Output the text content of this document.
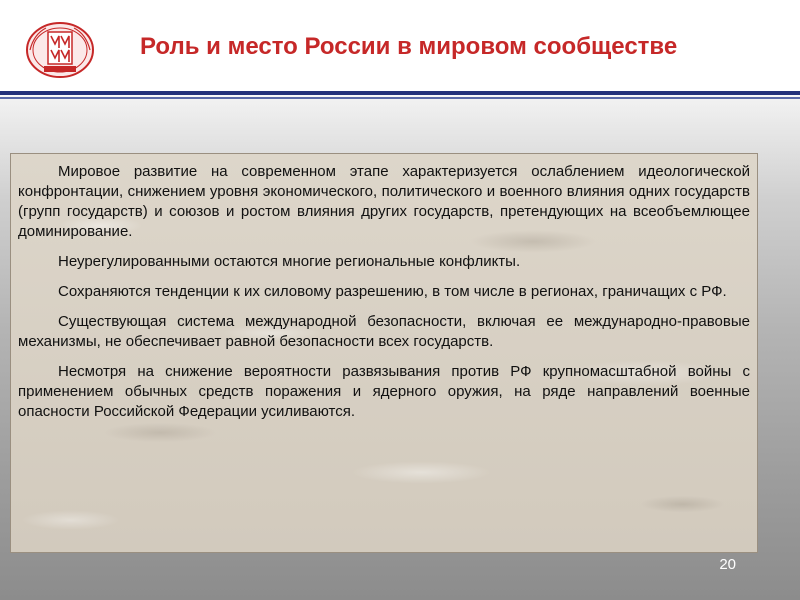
Роль и место России в мировом сообществе

Мировое развитие на современном этапе характеризуется ослаблением идеологической конфронтации, снижением уровня экономического, политического и военного влияния одних государств (групп государств) и союзов и ростом влияния других государств, претендующих на всеобъемлющее доминирование.

Неурегулированными остаются многие региональные конфликты.

Сохраняются тенденции к их силовому разрешению, в том числе в регионах, граничащих с РФ.

Существующая система международной безопасности, включая ее международно-правовые механизмы, не обеспечивает равной безопасности всех государств.

Несмотря на снижение вероятности развязывания против РФ крупномасштабной войны с применением обычных средств поражения и ядерного оружия, на ряде направлений военные опасности Российской Федерации усиливаются.

20
